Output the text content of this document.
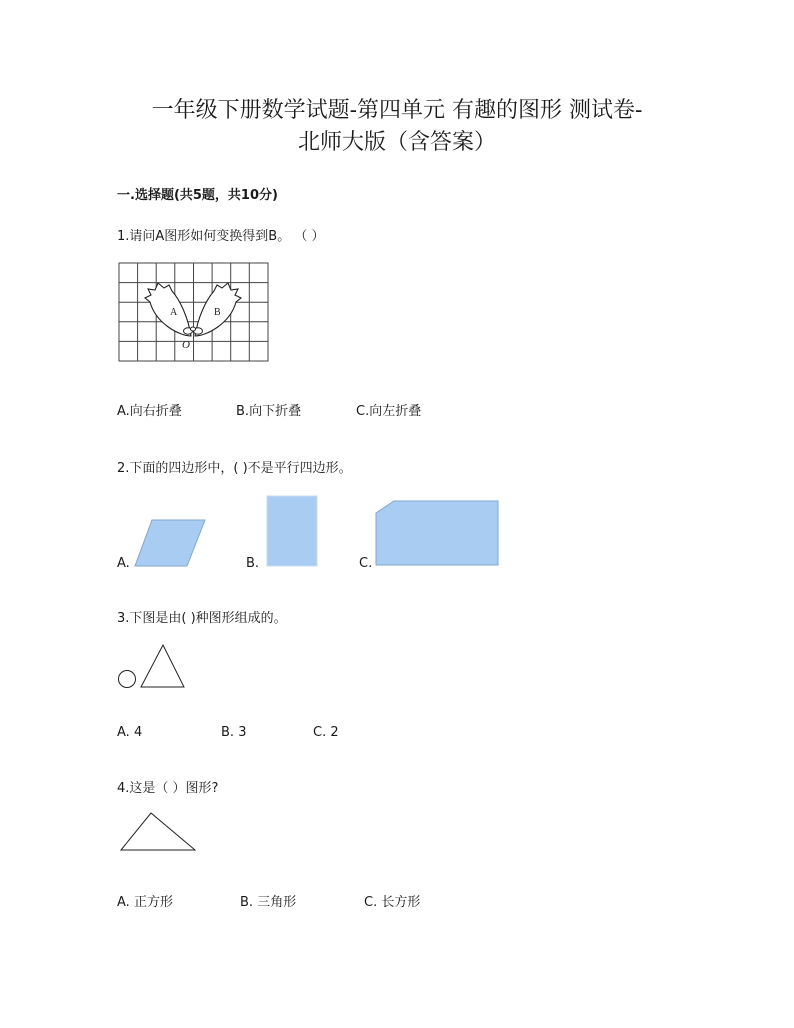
一年级下册数学试题-第四单元 有趣的图形 测试卷-
北师大版（含答案）
一.选择题(共5题，共10分)
1.请问A图形如何变换得到B。 （ ）
A	B
O
A.向右折叠	B.向下折叠	C.向左折叠
2.下面的四边形中，( )不是平行四边形。
A.	B.	C.
3.下图是由( )种图形组成的。
A. 4	B. 3	C. 2
4.这是（ ）图形?
A. 正方形	B. 三角形	C. 长方形
